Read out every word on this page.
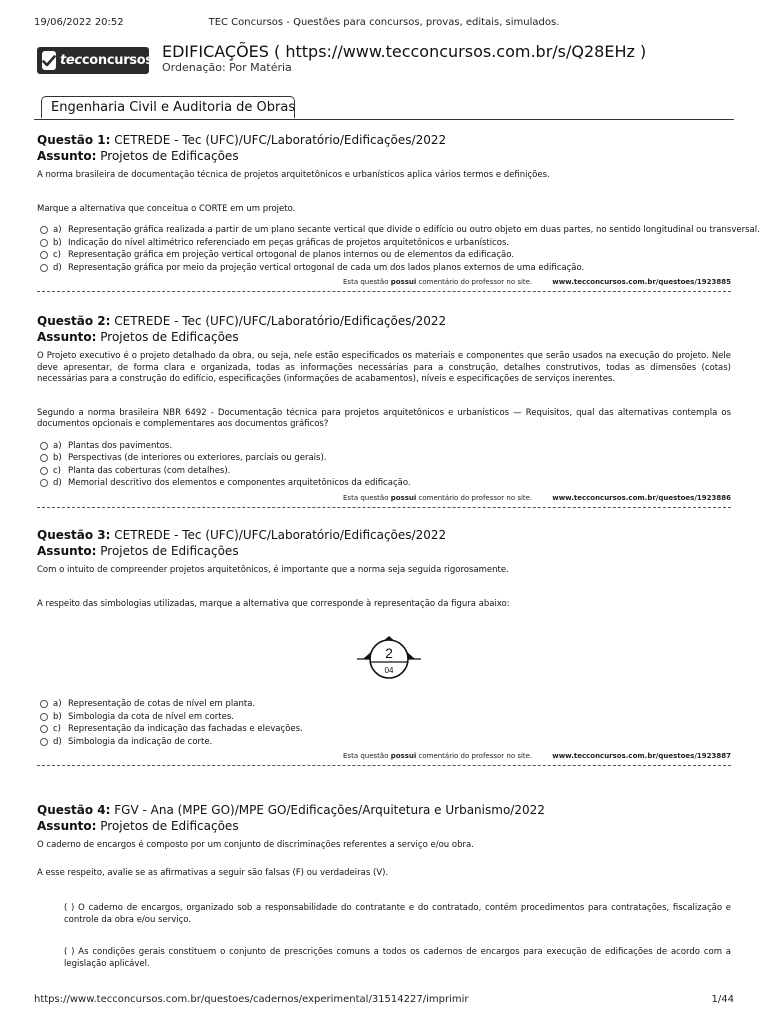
19/06/2022 20:52	TEC Concursos - Questões para concursos, provas, editais, simulados.
tecconcursos EDIFICAÇÕES ( https://www.tecconcursos.com.br/s/Q28EHz )
Ordenação: Por Matéria
Engenharia Civil e Auditoria de Obras
Questão 1: CETREDE - Tec (UFC)/UFC/Laboratório/Edificações/2022
Assunto: Projetos de Edificações
A norma brasileira de documentação técnica de projetos arquitetônicos e urbanísticos aplica vários termos e definições.
Marque a alternativa que conceitua o CORTE em um projeto.
a) Representação gráfica realizada a partir de um plano secante vertical que divide o edifício ou outro objeto em duas partes, no sentido longitudinal ou transversal.
b) Indicação do nível altimétrico referenciado em peças gráficas de projetos arquitetônicos e urbanísticos.
c) Representação gráfica em projeção vertical ortogonal de planos internos ou de elementos da edificação.
d) Representação gráfica por meio da projeção vertical ortogonal de cada um dos lados planos externos de uma edificação.
Esta questão possui comentário do professor no site.	www.tecconcursos.com.br/questoes/1923885
Questão 2: CETREDE - Tec (UFC)/UFC/Laboratório/Edificações/2022
Assunto: Projetos de Edificações
O Projeto executivo é o projeto detalhado da obra, ou seja, nele estão especificados os materiais e componentes que serão usados na execução do projeto. Nele deve apresentar, de forma clara e organizada, todas as informações necessárias para a construção, detalhes construtivos, todas as dimensões (cotas) necessárias para a construção do edifício, especificações (informações de acabamentos), níveis e especificações de serviços inerentes.
Segundo a norma brasileira NBR 6492 - Documentação técnica para projetos arquitetônicos e urbanísticos — Requisitos, qual das alternativas contempla os documentos opcionais e complementares aos documentos gráficos?
a) Plantas dos pavimentos.
b) Perspectivas (de interiores ou exteriores, parciais ou gerais).
c) Planta das coberturas (com detalhes).
d) Memorial descritivo dos elementos e componentes arquitetônicos da edificação.
Esta questão possui comentário do professor no site.	www.tecconcursos.com.br/questoes/1923886
Questão 3: CETREDE - Tec (UFC)/UFC/Laboratório/Edificações/2022
Assunto: Projetos de Edificações
Com o intuito de compreender projetos arquitetônicos, é importante que a norma seja seguida rigorosamente.
A respeito das simbologias utilizadas, marque a alternativa que corresponde à representação da figura abaixo:
2
04
a) Representação de cotas de nível em planta.
b) Simbologia da cota de nível em cortes.
c) Representação da indicação das fachadas e elevações.
d) Simbologia da indicação de corte.
Esta questão possui comentário do professor no site.	www.tecconcursos.com.br/questoes/1923887
Questão 4: FGV - Ana (MPE GO)/MPE GO/Edificações/Arquitetura e Urbanismo/2022
Assunto: Projetos de Edificações
O caderno de encargos é composto por um conjunto de discriminações referentes a serviço e/ou obra.
A esse respeito, avalie se as afirmativas a seguir são falsas (F) ou verdadeiras (V).
( ) O caderno de encargos, organizado sob a responsabilidade do contratante e do contratado, contém procedimentos para contratações, fiscalização e controle da obra e/ou serviço.
( ) As condições gerais constituem o conjunto de prescrições comuns a todos os cadernos de encargos para execução de edificações de acordo com a legislação aplicável.
https://www.tecconcursos.com.br/questoes/cadernos/experimental/31514227/imprimir	1/44
